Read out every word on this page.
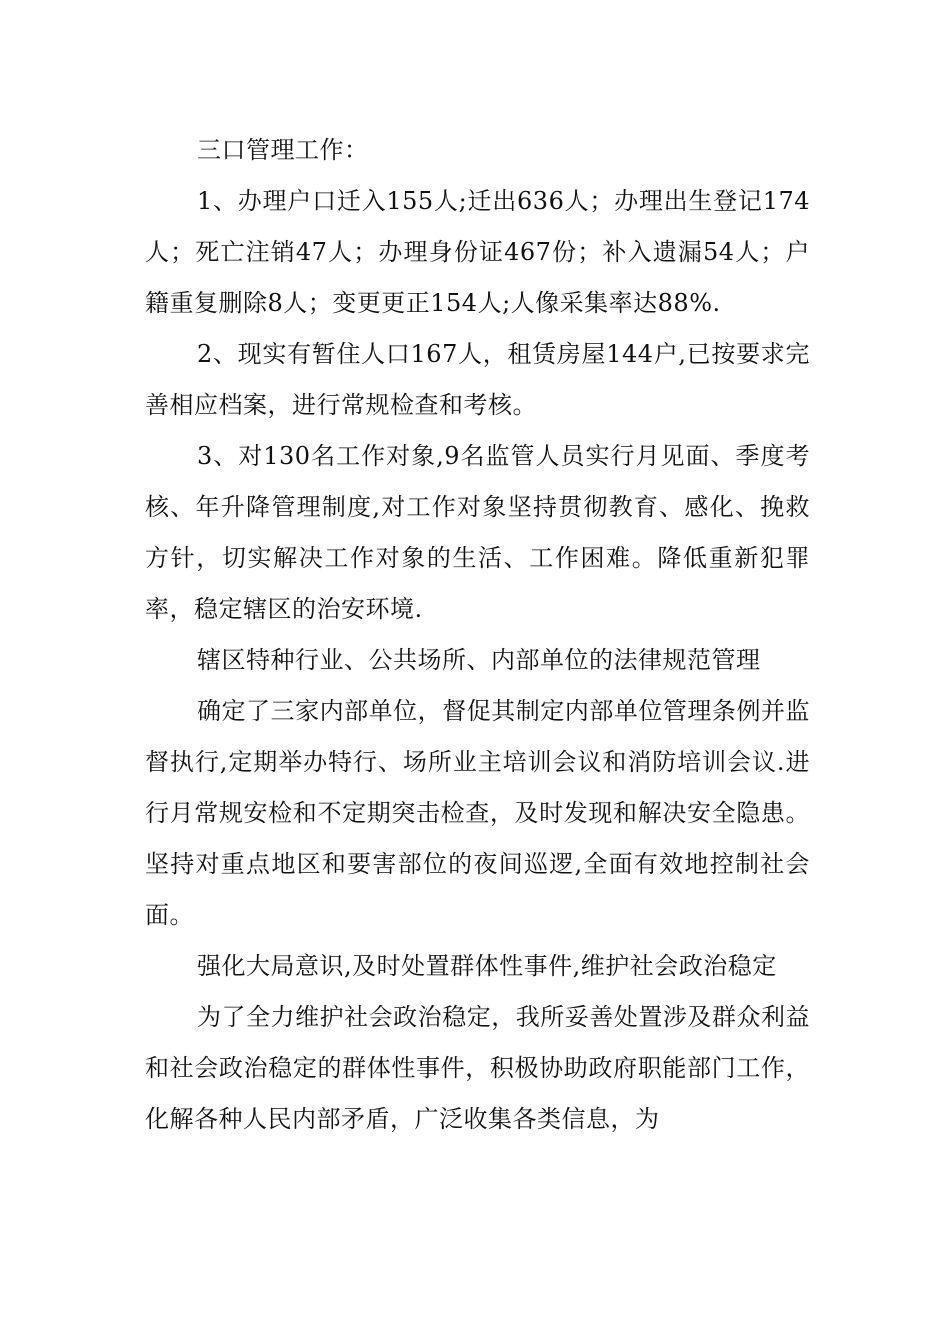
三口管理工作：

1、办理户口迁入155人;迁出636人；办理出生登记174人；死亡注销47人；办理身份证467份；补入遗漏54人；户籍重复删除8人；变更更正154人;人像采集率达88%.

2、现实有暂住人口167人，租赁房屋144户,已按要求完善相应档案，进行常规检查和考核。

3、对130名工作对象,9名监管人员实行月见面、季度考核、年升降管理制度,对工作对象坚持贯彻教育、感化、挽救方针，切实解决工作对象的生活、工作困难。降低重新犯罪率，稳定辖区的治安环境.

辖区特种行业、公共场所、内部单位的法律规范管理

确定了三家内部单位，督促其制定内部单位管理条例并监督执行,定期举办特行、场所业主培训会议和消防培训会议.进行月常规安检和不定期突击检查，及时发现和解决安全隐患。坚持对重点地区和要害部位的夜间巡逻,全面有效地控制社会面。

强化大局意识,及时处置群体性事件,维护社会政治稳定

为了全力维护社会政治稳定，我所妥善处置涉及群众利益和社会政治稳定的群体性事件，积极协助政府职能部门工作，化解各种人民内部矛盾，广泛收集各类信息，为
